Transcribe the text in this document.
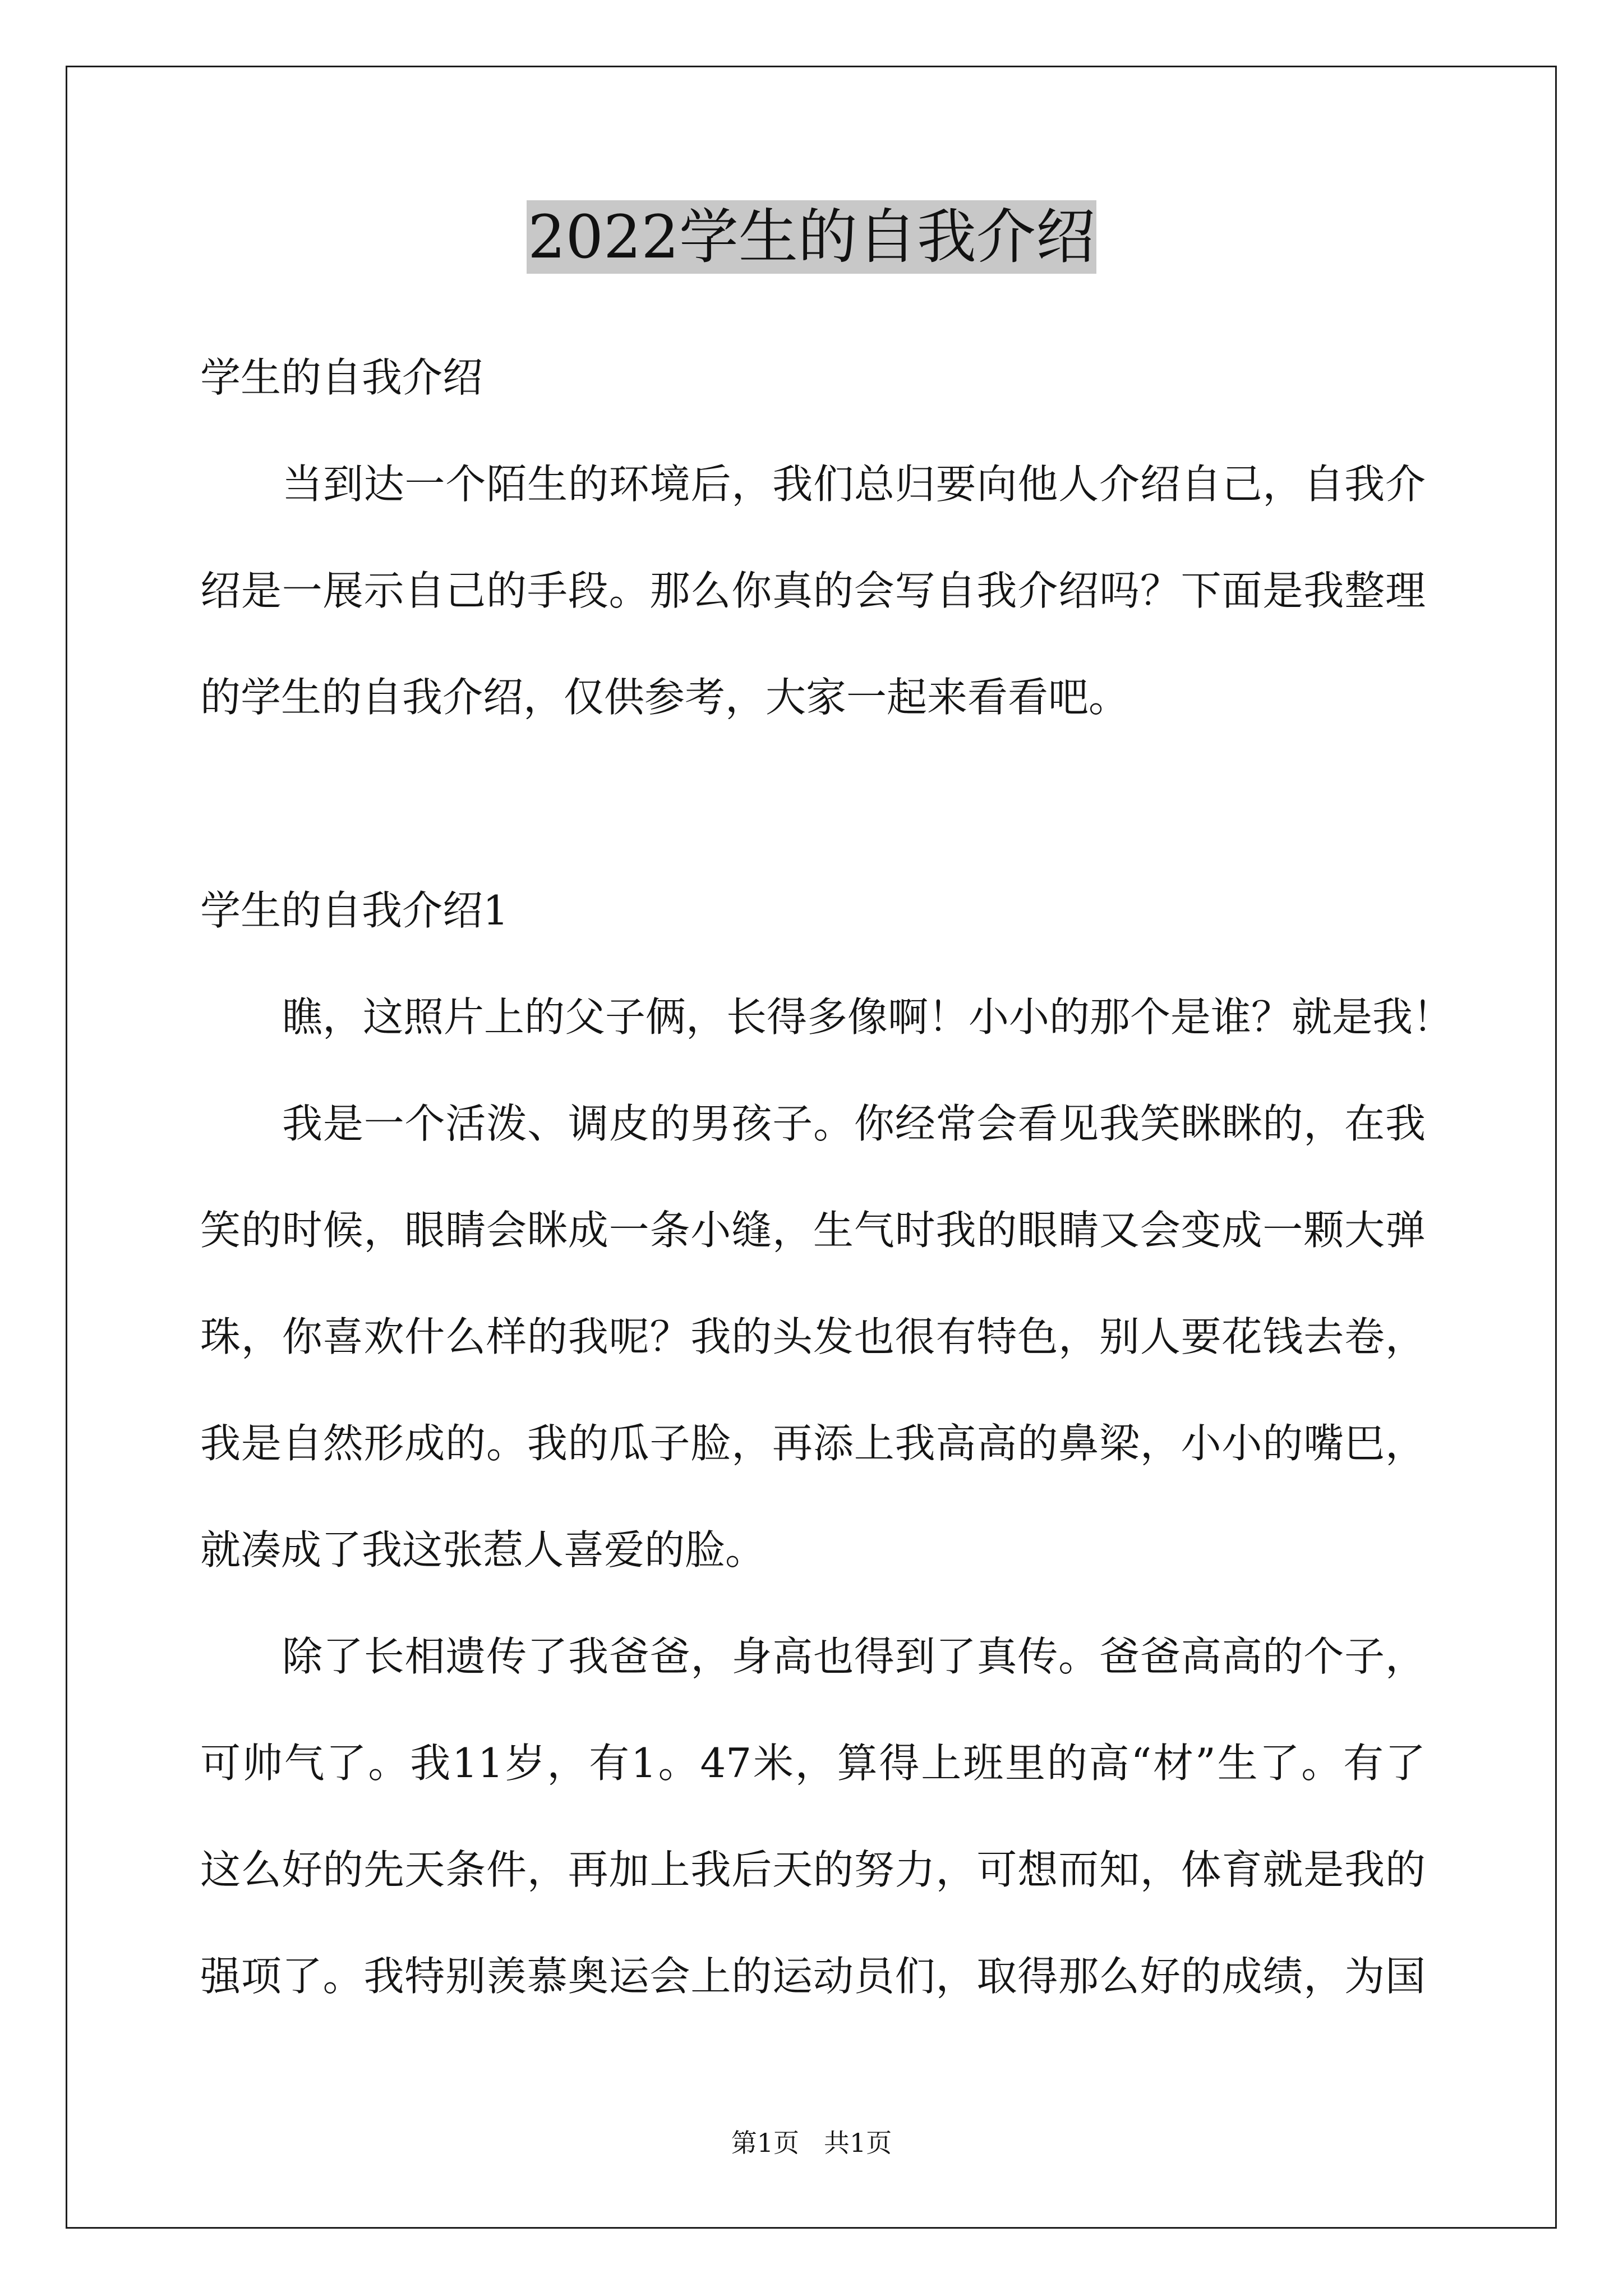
2022学生的自我介绍
学生的自我介绍
当到达一个陌生的环境后，我们总归要向他人介绍自己，自我介
绍是一展示自己的手段。那么你真的会写自我介绍吗？下面是我整理
的学生的自我介绍，仅供参考，大家一起来看看吧。
学生的自我介绍1
瞧，这照片上的父子俩，长得多像啊！小小的那个是谁？就是我！
我是一个活泼、调皮的男孩子。你经常会看见我笑眯眯的，在我
笑的时候，眼睛会眯成一条小缝，生气时我的眼睛又会变成一颗大弹
珠，你喜欢什么样的我呢？我的头发也很有特色，别人要花钱去卷，
我是自然形成的。我的瓜子脸，再添上我高高的鼻梁，小小的嘴巴，
就凑成了我这张惹人喜爱的脸。
除了长相遗传了我爸爸，身高也得到了真传。爸爸高高的个子，
可帅气了。我11岁，有1。47米，算得上班里的高“材”生了。有了
这么好的先天条件，再加上我后天的努力，可想而知，体育就是我的
强项了。我特别羡慕奥运会上的运动员们，取得那么好的成绩，为国
第1页 共1页
